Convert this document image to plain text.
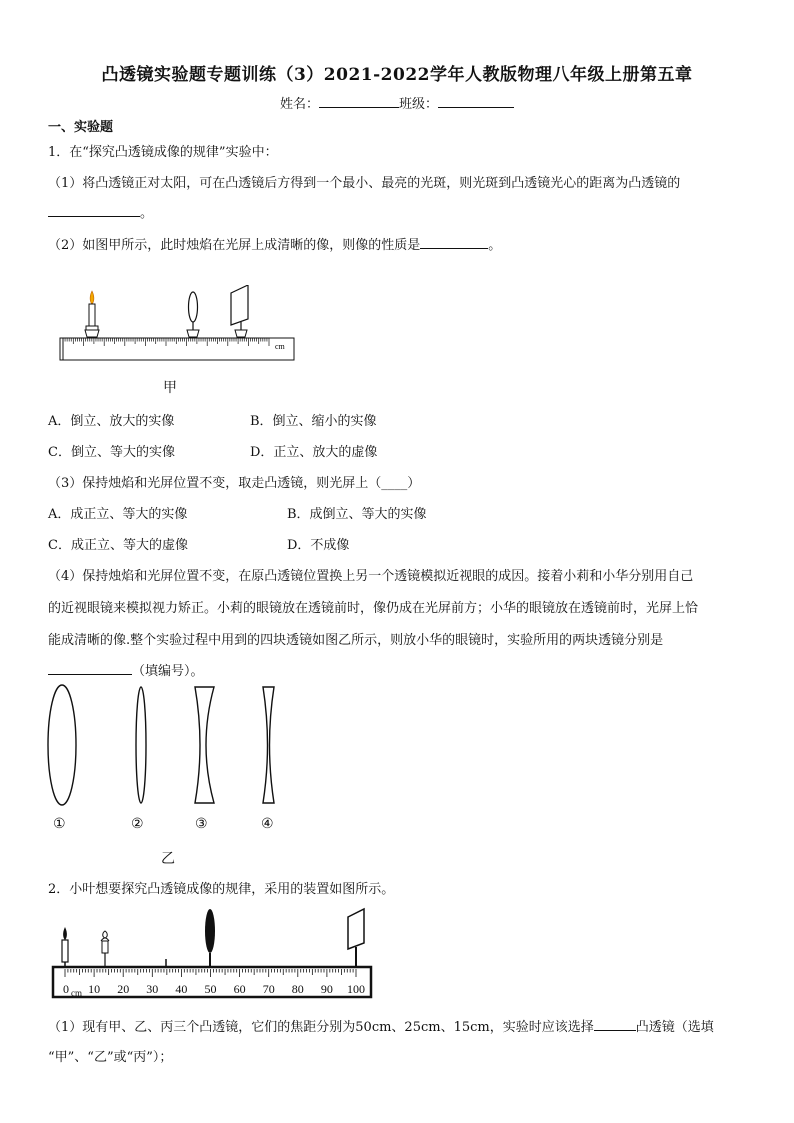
凸透镜实验题专题训练（3）2021-2022学年人教版物理八年级上册第五章
姓名：	班级：
一、实验题
1．在“探究凸透镜成像的规律”实验中：
（1）将凸透镜正对太阳，可在凸透镜后方得到一个最小、最亮的光斑，则光斑到凸透镜光心的距离为凸透镜的
。
（2）如图甲所示，此时烛焰在光屏上成清晰的像，则像的性质是	。
cm
甲
A．倒立、放大的实像	B．倒立、缩小的实像
C．倒立、等大的实像	D．正立、放大的虚像
（3）保持烛焰和光屏位置不变，取走凸透镜，则光屏上（____）
A．成正立、等大的实像	B．成倒立、等大的实像
C．成正立、等大的虚像	D．不成像
（4）保持烛焰和光屏位置不变，在原凸透镜位置换上另一个透镜模拟近视眼的成因。接着小莉和小华分别用自己
的近视眼镜来模拟视力矫正。小莉的眼镜放在透镜前时，像仍成在光屏前方；小华的眼镜放在透镜前时，光屏上恰
能成清晰的像.整个实验过程中用到的四块透镜如图乙所示，则放小华的眼镜时，实验所用的两块透镜分别是
（填编号）。
①	②	③	④
乙
2．小叶想要探究凸透镜成像的规律，采用的装置如图所示。
0 10 20 30 40 50 60 70 80 90 100
cm
（1）现有甲、乙、丙三个凸透镜，它们的焦距分别为50cm、25cm、15cm，实验时应该选择	凸透镜（选填
“甲”、“乙”或“丙”）；
